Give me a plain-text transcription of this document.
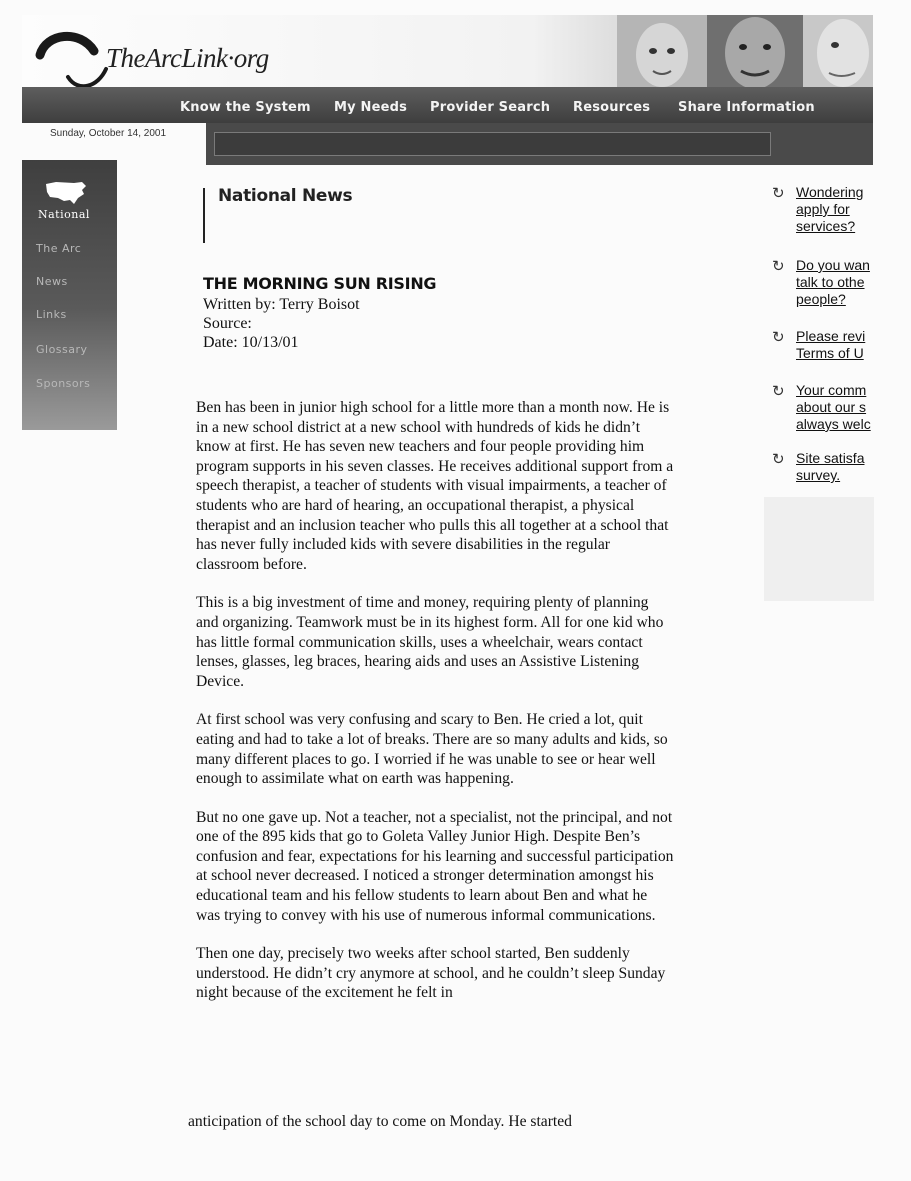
TheArcLink·org
Know the System My Needs Provider Search Resources Share Information
Sunday, October 14, 2001
National
The Arc
News
Links
Glossary
Sponsors
National News
THE MORNING SUN RISING
Written by: Terry Boisot
Source:
Date: 10/13/01

Ben has been in junior high school for a little more than a month now. He is in a new school district at a new school with hundreds of kids he didn’t know at first. He has seven new teachers and four people providing him program supports in his seven classes. He receives additional support from a speech therapist, a teacher of students with visual impairments, a teacher of students who are hard of hearing, an occupational therapist, a physical therapist and an inclusion teacher who pulls this all together at a school that has never fully included kids with severe disabilities in the regular classroom before.

This is a big investment of time and money, requiring plenty of planning and organizing. Teamwork must be in its highest form. All for one kid who has little formal communication skills, uses a wheelchair, wears contact lenses, glasses, leg braces, hearing aids and uses an Assistive Listening Device.

At first school was very confusing and scary to Ben. He cried a lot, quit eating and had to take a lot of breaks. There are so many adults and kids, so many different places to go. I worried if he was unable to see or hear well enough to assimilate what on earth was happening.

But no one gave up. Not a teacher, not a specialist, not the principal, and not one of the 895 kids that go to Goleta Valley Junior High. Despite Ben’s confusion and fear, expectations for his learning and successful participation at school never decreased. I noticed a stronger determination amongst his educational team and his fellow students to learn about Ben and what he was trying to convey with his use of numerous informal communications.

Then one day, precisely two weeks after school started, Ben suddenly understood. He didn’t cry anymore at school, and he couldn’t sleep Sunday night because of the excitement he felt in

anticipation of the school day to come on Monday. He started
↻ Wondering
apply for
services?
↻ Do you wan
talk to othe
people?
↻ Please revi
Terms of U
↻ Your comm
about our s
always welc
↻ Site satisfa
survey.
